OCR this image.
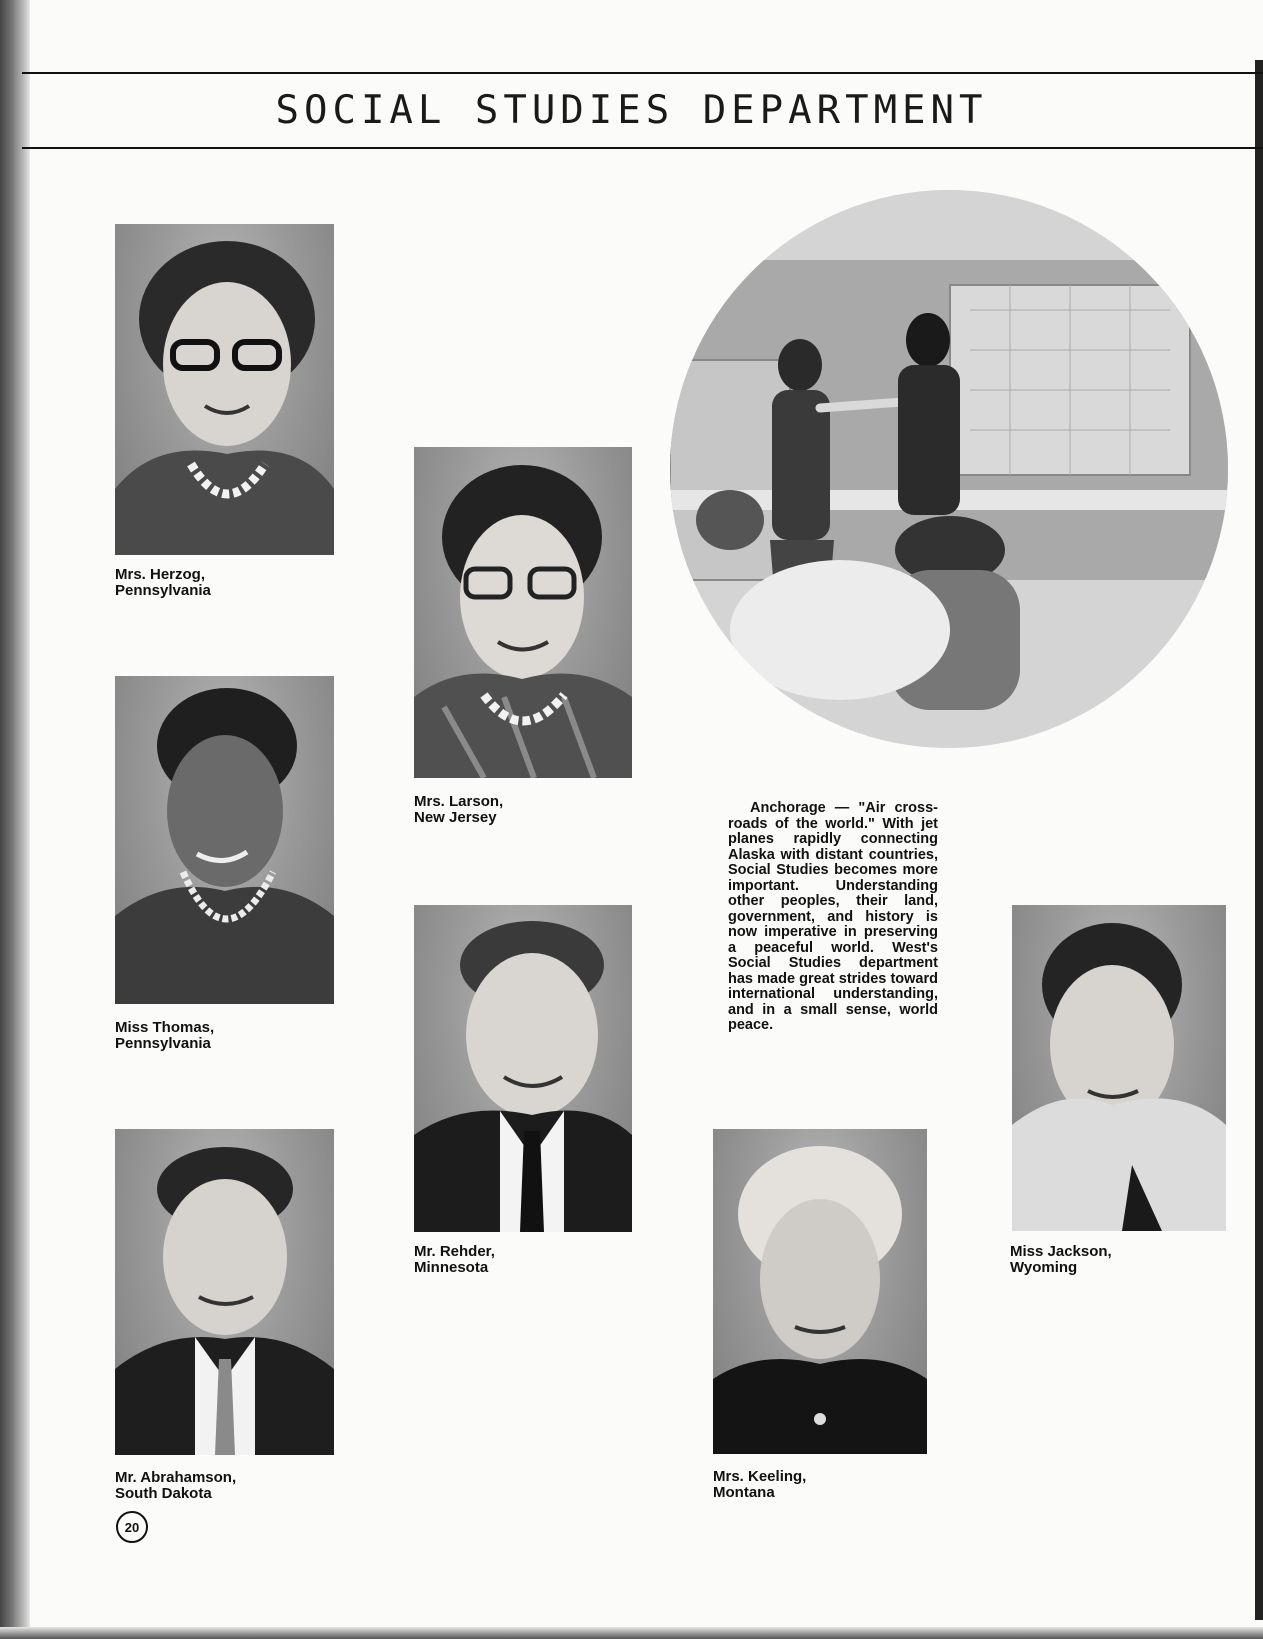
SOCIAL STUDIES DEPARTMENT
Mrs. Herzog,
Pennsylvania
Miss Thomas,
Pennsylvania
Mr. Abrahamson,
South Dakota
Mrs. Larson,
New Jersey
Mr. Rehder,
Minnesota
Mrs. Keeling,
Montana
Miss Jackson,
Wyoming

Anchorage — "Air cross-roads of the world." With jet planes rapidly connecting Alaska with distant countries, Social Studies becomes more important. Understanding other peoples, their land, government, and history is now imperative in preserving a peaceful world. West's Social Studies department has made great strides toward international understanding, and in a small sense, world peace.

20
